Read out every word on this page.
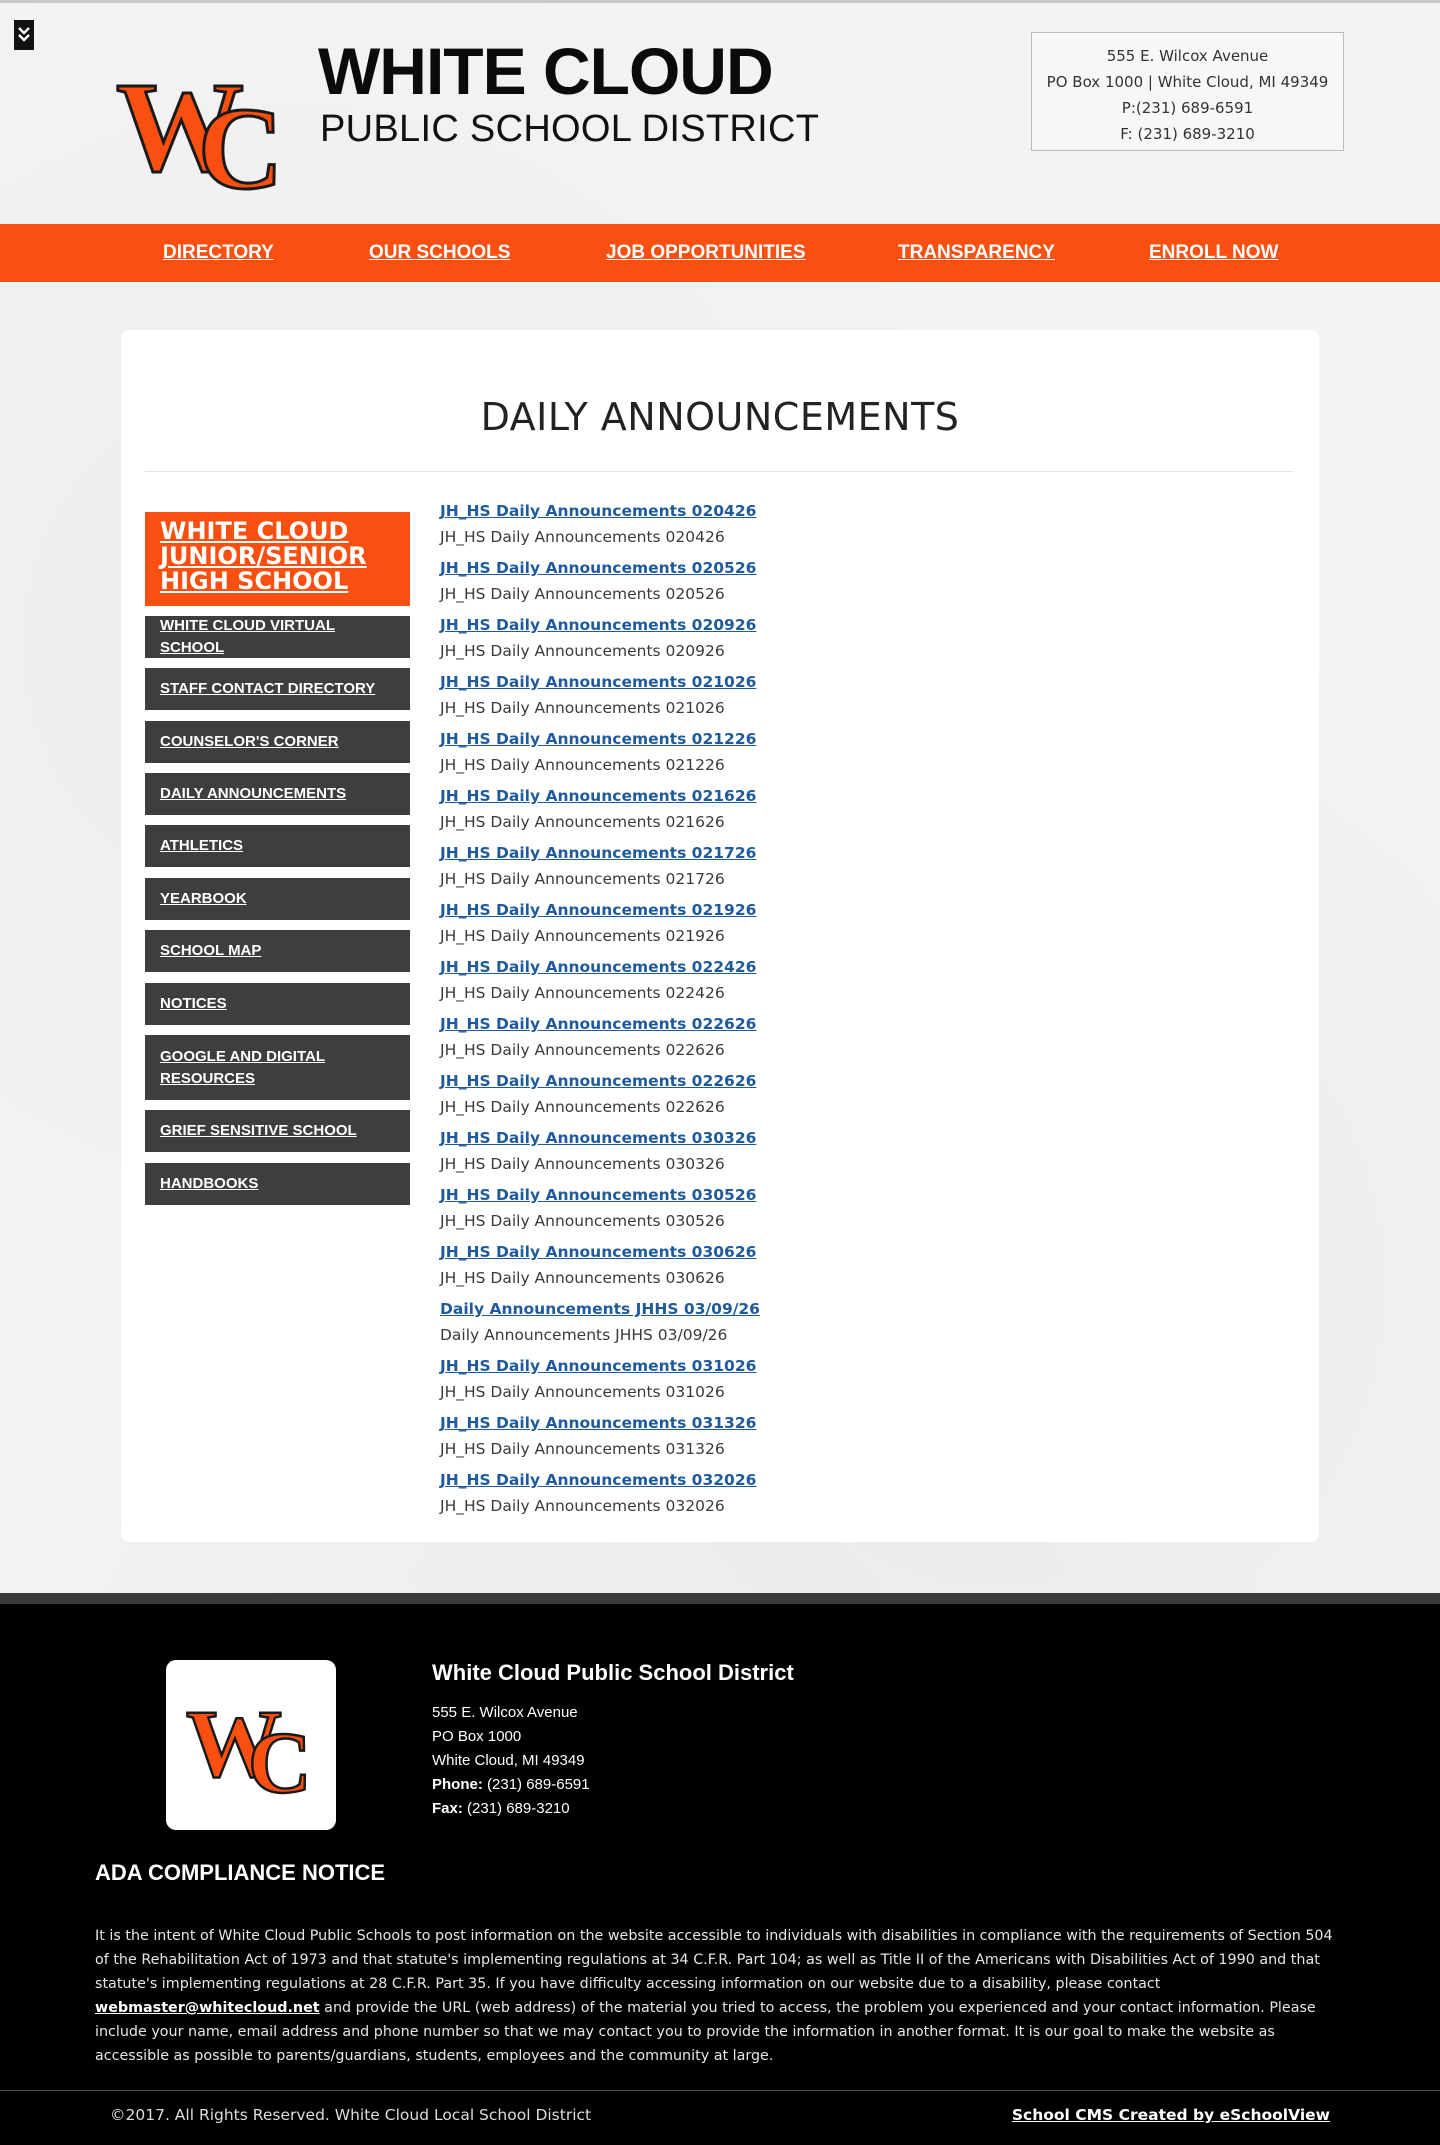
W
C
WHITE CLOUD
PUBLIC SCHOOL DISTRICT
555 E. Wilcox Avenue
PO Box 1000 | White Cloud, MI 49349
P:(231) 689-6591
F: (231) 689-3210
DIRECTORY	OUR SCHOOLS	JOB OPPORTUNITIES	TRANSPARENCY	ENROLL NOW
DAILY ANNOUNCEMENTS
WHITE CLOUD JUNIOR/SENIOR HIGH SCHOOL
WHITE CLOUD VIRTUAL SCHOOL
STAFF CONTACT DIRECTORY
COUNSELOR'S CORNER
DAILY ANNOUNCEMENTS
ATHLETICS
YEARBOOK
SCHOOL MAP
NOTICES
GOOGLE AND DIGITAL RESOURCES
GRIEF SENSITIVE SCHOOL
HANDBOOKS
JH_HS Daily Announcements 020426
JH_HS Daily Announcements 020426
JH_HS Daily Announcements 020526
JH_HS Daily Announcements 020526
JH_HS Daily Announcements 020926
JH_HS Daily Announcements 020926
JH_HS Daily Announcements 021026
JH_HS Daily Announcements 021026
JH_HS Daily Announcements 021226
JH_HS Daily Announcements 021226
JH_HS Daily Announcements 021626
JH_HS Daily Announcements 021626
JH_HS Daily Announcements 021726
JH_HS Daily Announcements 021726
JH_HS Daily Announcements 021926
JH_HS Daily Announcements 021926
JH_HS Daily Announcements 022426
JH_HS Daily Announcements 022426
JH_HS Daily Announcements 022626
JH_HS Daily Announcements 022626
JH_HS Daily Announcements 022626
JH_HS Daily Announcements 022626
JH_HS Daily Announcements 030326
JH_HS Daily Announcements 030326
JH_HS Daily Announcements 030526
JH_HS Daily Announcements 030526
JH_HS Daily Announcements 030626
JH_HS Daily Announcements 030626
Daily Announcements JHHS 03/09/26
Daily Announcements JHHS 03/09/26
JH_HS Daily Announcements 031026
JH_HS Daily Announcements 031026
JH_HS Daily Announcements 031326
JH_HS Daily Announcements 031326
JH_HS Daily Announcements 032026
JH_HS Daily Announcements 032026
W
C
White Cloud Public School District
555 E. Wilcox Avenue
PO Box 1000
White Cloud, MI 49349
Phone: (231) 689-6591
Fax: (231) 689-3210
ADA COMPLIANCE NOTICE
It is the intent of White Cloud Public Schools to post information on the website accessible to individuals with disabilities in compliance with the requirements of Section 504 of the Rehabilitation Act of 1973 and that statute's implementing regulations at 34 C.F.R. Part 104; as well as Title II of the Americans with Disabilities Act of 1990 and that statute's implementing regulations at 28 C.F.R. Part 35. If you have difficulty accessing information on our website due to a disability, please contact webmaster@whitecloud.net and provide the URL (web address) of the material you tried to access, the problem you experienced and your contact information. Please include your name, email address and phone number so that we may contact you to provide the information in another format. It is our goal to make the website as accessible as possible to parents/guardians, students, employees and the community at large.
©2017. All Rights Reserved. White Cloud Local School District	School CMS Created by eSchoolView
